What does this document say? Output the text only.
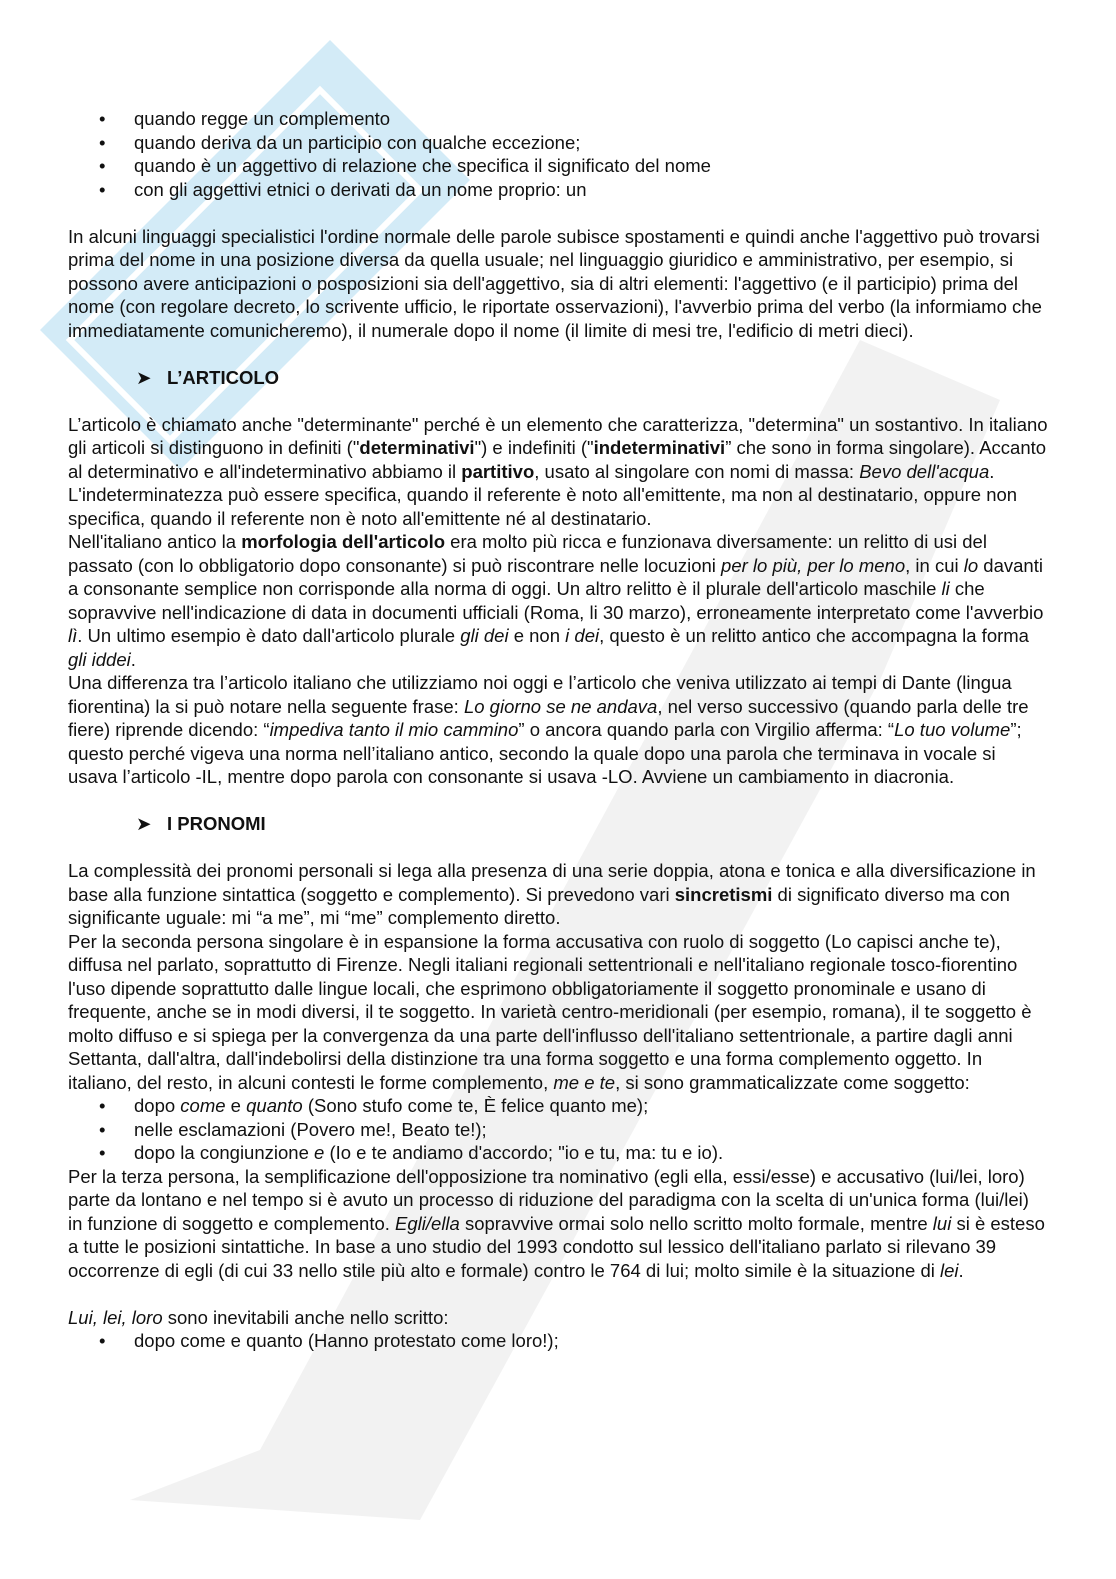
• quando regge un complemento
• quando deriva da un participio con qualche eccezione;
• quando è un aggettivo di relazione che specifica il significato del nome
• con gli aggettivi etnici o derivati da un nome proprio: un

In alcuni linguaggi specialistici l'ordine normale delle parole subisce spostamenti e quindi anche l'aggettivo può trovarsi prima del nome in una posizione diversa da quella usuale; nel linguaggio giuridico e amministrativo, per esempio, si possono avere anticipazioni o posposizioni sia dell'aggettivo, sia di altri elementi: l'aggettivo (e il participio) prima del nome (con regolare decreto, lo scrivente ufficio, le riportate osservazioni), l'avverbio prima del verbo (la informiamo che immediatamente comunicheremo), il numerale dopo il nome (il limite di mesi tre, l'edificio di metri dieci).

➤ L’ARTICOLO

L’articolo è chiamato anche "determinante" perché è un elemento che caratterizza, "determina" un sostantivo. In italiano gli articoli si distinguono in definiti ("determinativi") e indefiniti ("indeterminativi” che sono in forma singolare). Accanto al determinativo e all'indeterminativo abbiamo il partitivo, usato al singolare con nomi di massa: Bevo dell'acqua.

L'indeterminatezza può essere specifica, quando il referente è noto all'emittente, ma non al destinatario, oppure non specifica, quando il referente non è noto all'emittente né al destinatario.

Nell'italiano antico la morfologia dell'articolo era molto più ricca e funzionava diversamente: un relitto di usi del passato (con lo obbligatorio dopo consonante) si può riscontrare nelle locuzioni per lo più, per lo meno, in cui lo davanti a consonante semplice non corrisponde alla norma di oggi. Un altro relitto è il plurale dell'articolo maschile li che sopravvive nell'indicazione di data in documenti ufficiali (Roma, li 30 marzo), erroneamente interpretato come l'avverbio lì. Un ultimo esempio è dato dall'articolo plurale gli dei e non i dei, questo è un relitto antico che accompagna la forma gli iddei.

Una differenza tra l’articolo italiano che utilizziamo noi oggi e l’articolo che veniva utilizzato ai tempi di Dante (lingua fiorentina) la si può notare nella seguente frase: Lo giorno se ne andava, nel verso successivo (quando parla delle tre fiere) riprende dicendo: “impediva tanto il mio cammino” o ancora quando parla con Virgilio afferma: “Lo tuo volume”; questo perché vigeva una norma nell’italiano antico, secondo la quale dopo una parola che terminava in vocale si usava l’articolo -IL, mentre dopo parola con consonante si usava -LO. Avviene un cambiamento in diacronia.

➤ I PRONOMI

La complessità dei pronomi personali si lega alla presenza di una serie doppia, atona e tonica e alla diversificazione in base alla funzione sintattica (soggetto e complemento). Si prevedono vari sincretismi di significato diverso ma con significante uguale: mi “a me”, mi “me” complemento diretto.

Per la seconda persona singolare è in espansione la forma accusativa con ruolo di soggetto (Lo capisci anche te), diffusa nel parlato, soprattutto di Firenze. Negli italiani regionali settentrionali e nell'italiano regionale tosco-fiorentino l'uso dipende soprattutto dalle lingue locali, che esprimono obbligatoriamente il soggetto pronominale e usano di frequente, anche se in modi diversi, il te soggetto. In varietà centro-meridionali (per esempio, romana), il te soggetto è molto diffuso e si spiega per la convergenza da una parte dell'influsso dell'italiano settentrionale, a partire dagli anni Settanta, dall'altra, dall'indebolirsi della distinzione tra una forma soggetto e una forma complemento oggetto. In italiano, del resto, in alcuni contesti le forme complemento, me e te, si sono grammaticalizzate come soggetto:

• dopo come e quanto (Sono stufo come te, È felice quanto me);
• nelle esclamazioni (Povero me!, Beato te!);
• dopo la congiunzione e (Io e te andiamo d'accordo; "io e tu, ma: tu e io).

Per la terza persona, la semplificazione dell'opposizione tra nominativo (egli ella, essi/esse) e accusativo (lui/lei, loro) parte da lontano e nel tempo si è avuto un processo di riduzione del paradigma con la scelta di un'unica forma (lui/lei) in funzione di soggetto e complemento. Egli/ella sopravvive ormai solo nello scritto molto formale, mentre lui si è esteso a tutte le posizioni sintattiche. In base a uno studio del 1993 condotto sul lessico dell'italiano parlato si rilevano 39 occorrenze di egli (di cui 33 nello stile più alto e formale) contro le 764 di lui; molto simile è la situazione di lei.

Lui, lei, loro sono inevitabili anche nello scritto:

• dopo come e quanto (Hanno protestato come loro!);
